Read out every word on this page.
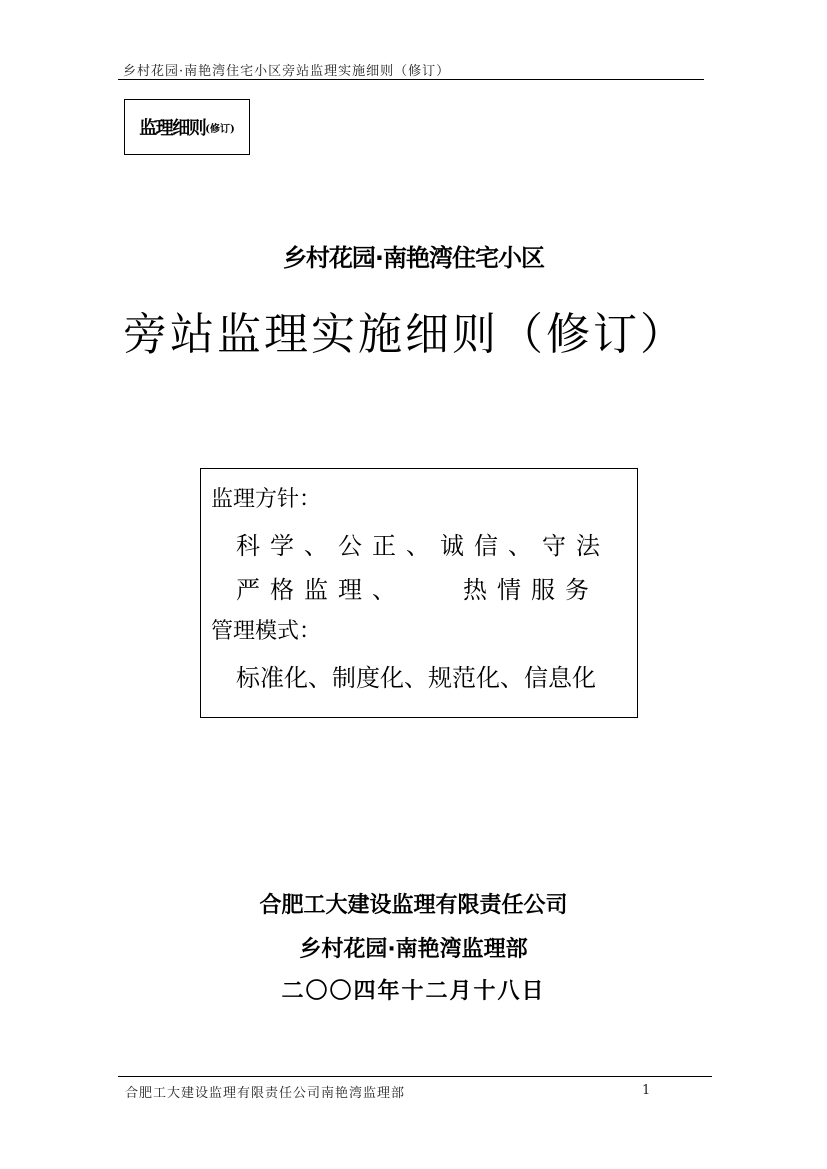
乡村花园·南艳湾住宅小区旁站监理实施细则（修订）
监理细则 (修订)
乡村花园·南艳湾住宅小区
旁站监理实施细则（修订）
监理方针：
科学、公正、诚信、守法
严格监理、 热情服务
管理模式：
标准化、制度化、规范化、信息化
合肥工大建设监理有限责任公司
乡村花园·南艳湾监理部
二〇〇四年十二月十八日
合肥工大建设监理有限责任公司南艳湾监理部	1
